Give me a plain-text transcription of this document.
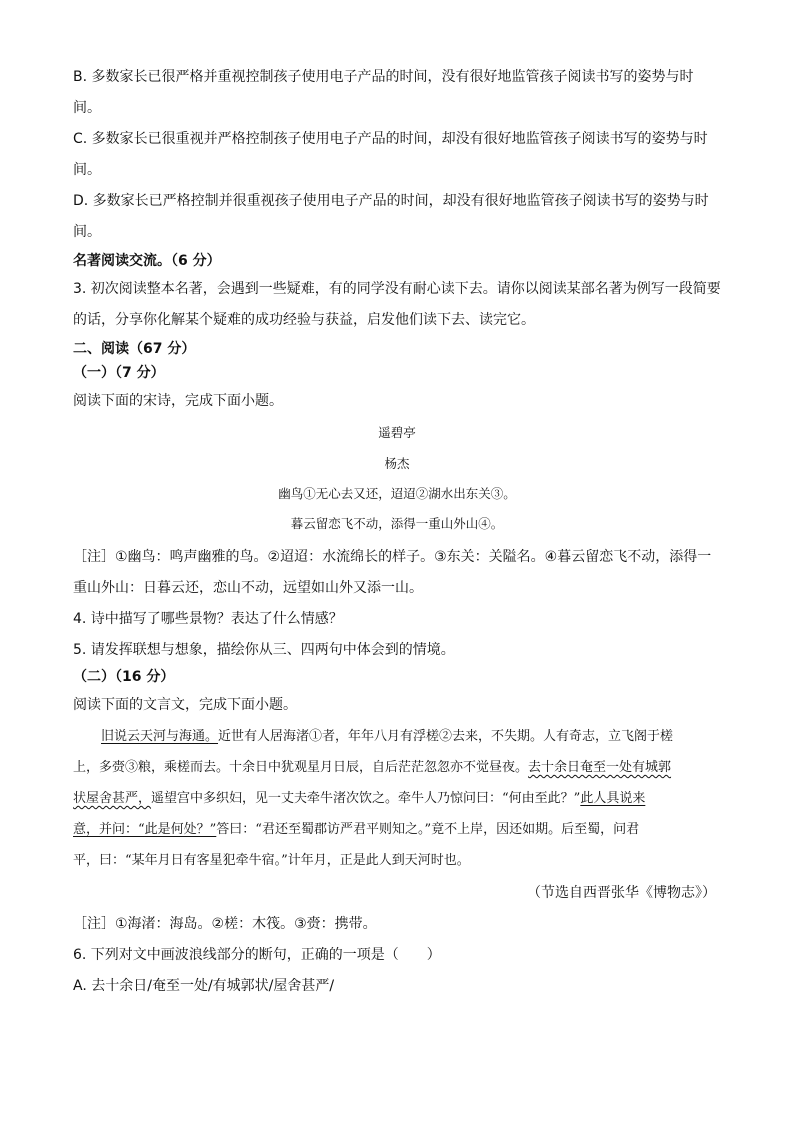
B. 多数家长已很严格并重视控制孩子使用电子产品的时间，没有很好地监管孩子阅读书写的姿势与时
间。
C. 多数家长已很重视并严格控制孩子使用电子产品的时间，却没有很好地监管孩子阅读书写的姿势与时
间。
D. 多数家长已严格控制并很重视孩子使用电子产品的时间，却没有很好地监管孩子阅读书写的姿势与时
间。
名著阅读交流。（6 分）
3. 初次阅读整本名著，会遇到一些疑难，有的同学没有耐心读下去。请你以阅读某部名著为例写一段简要
的话，分享你化解某个疑难的成功经验与获益，启发他们读下去、读完它。
二、阅读（67 分）
（一）（7 分）
阅读下面的宋诗，完成下面小题。
遥碧亭
杨杰
幽鸟①无心去又还，迢迢②湖水出东关③。
暮云留恋飞不动，添得一重山外山④。
［注］①幽鸟：鸣声幽雅的鸟。②迢迢：水流绵长的样子。③东关：关隘名。④暮云留恋飞不动，添得一
重山外山：日暮云还，恋山不动，远望如山外又添一山。
4. 诗中描写了哪些景物？表达了什么情感？
5. 请发挥联想与想象，描绘你从三、四两句中体会到的情境。
（二）（16 分）
阅读下面的文言文，完成下面小题。
旧说云天河与海通。近世有人居海渚①者，年年八月有浮槎②去来，不失期。人有奇志，立飞阁于槎
上，多赍③粮，乘槎而去。十余日中犹观星月日辰，自后茫茫忽忽亦不觉昼夜。去十余日奄至一处有城郭
状屋舍甚严，遥望宫中多织妇，见一丈夫牵牛渚次饮之。牵牛人乃惊问曰：“何由至此？”此人具说来
意，并问：“此是何处？”答曰：“君还至蜀郡访严君平则知之。”竟不上岸，因还如期。后至蜀，问君
平，曰：“某年月日有客星犯牵牛宿。”计年月，正是此人到天河时也。
（节选自西晋张华《博物志》）
［注］①海渚：海岛。②槎：木筏。③赍：携带。
6. 下列对文中画波浪线部分的断句，正确的一项是（　　）
A. 去十余日/奄至一处/有城郭状/屋舍甚严/
